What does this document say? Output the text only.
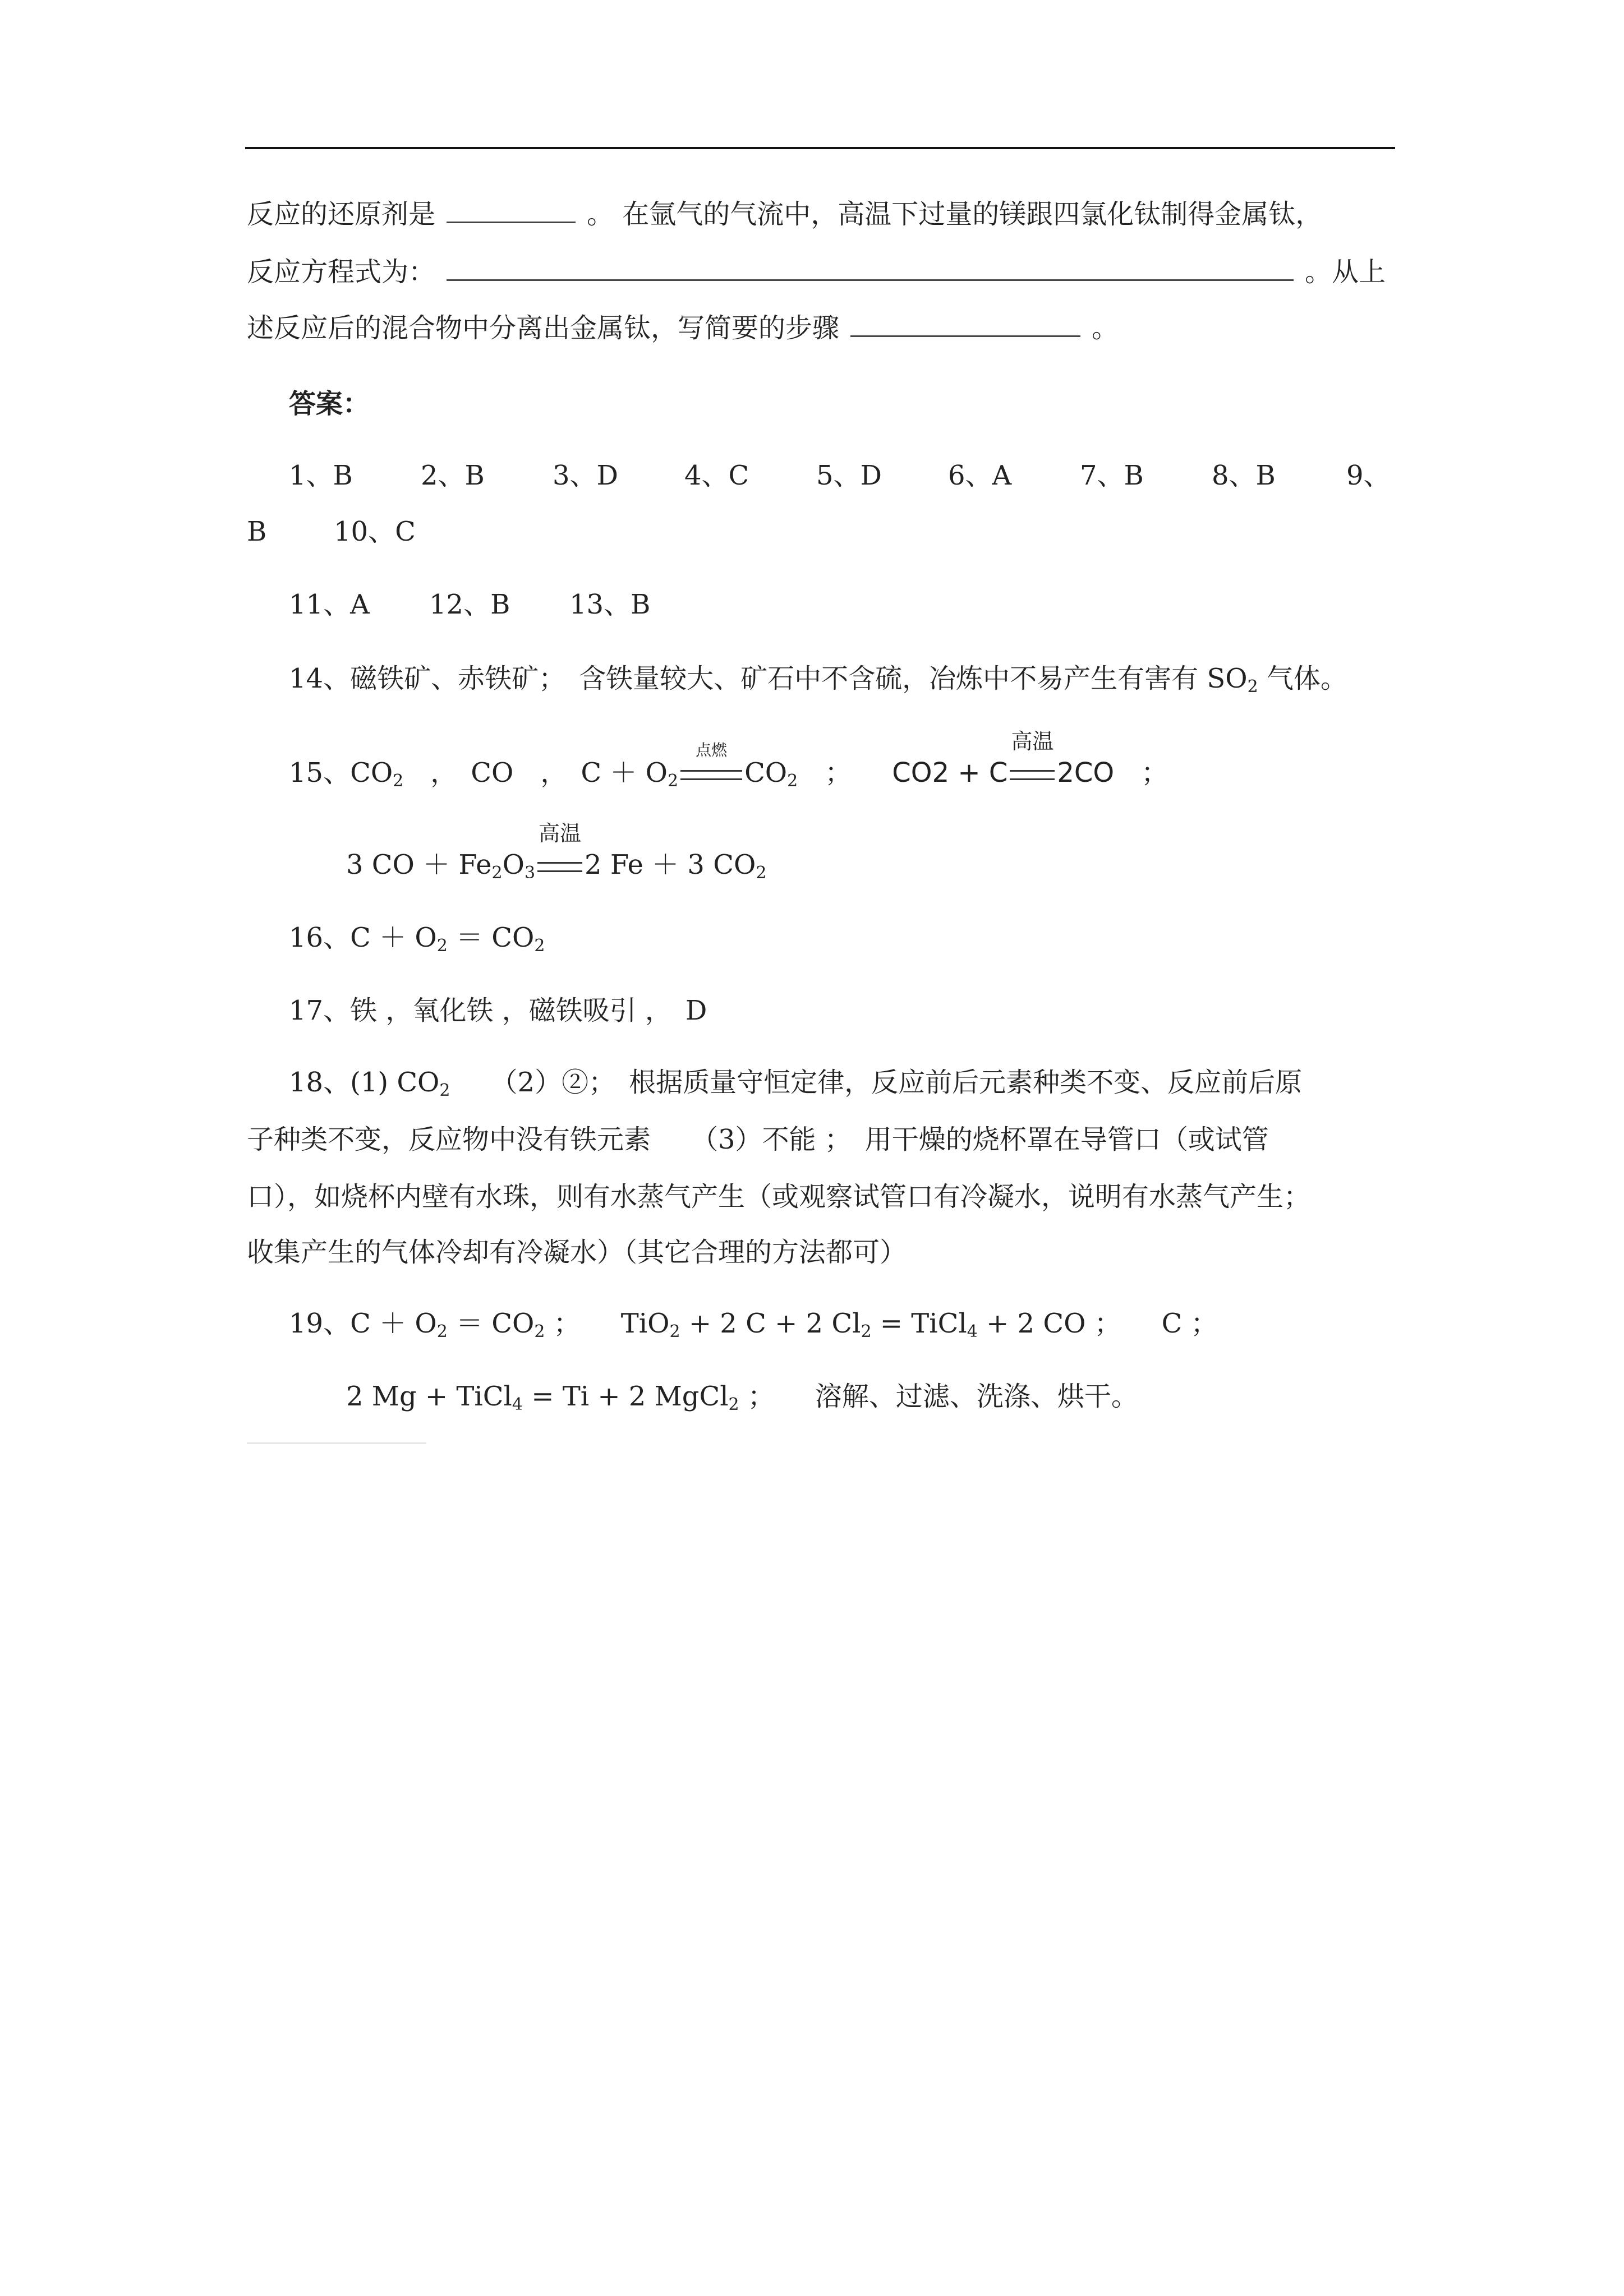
反应的还原剂是	。 在氩气的气流中，高温下过量的镁跟四氯化钛制得金属钛，
反应方程式为：	。从上
述反应后的混合物中分离出金属钛，写简要的步骤	。
答案：
1、B	2、B	3、D 4、C 5、D 6、A	7、B	8、B	9、
B 10、C
11、A 12、B 13、B
14、磁铁矿、赤铁矿；　含铁量较大、矿石中不含硫，冶炼中不易产生有害有 $SO_2$ 气体。
15、$CO_2$　，　CO　，　$C + O_2$
点燃
$CO_2$　；　　CO2 + C
高温
2CO　；
3 CO ＋ $Fe_2O_3$
高温
2 Fe ＋ 3 $CO_2$
16、$C + O_2 = CO_2$
17、铁 ，氧化铁 ，磁铁吸引 ，　D
18、(1) $CO_2$　　 （2）②；　根据质量守恒定律，反应前后元素种类不变、反应前后原
子种类不变，反应物中没有铁元素　　（3）不能 ；　用干燥的烧杯罩在导管口（或试管
口），如烧杯内壁有水珠，则有水蒸气产生（或观察试管口有冷凝水，说明有水蒸气产生；
收集产生的气体冷却有冷凝水）（其它合理的方法都可）
19、$C + O_2 = CO_2$ ；　　TiO$_2$ + 2 C + 2 $Cl_2$ = TiCl$_4$ + 2 CO ；　　C ；
2 Mg + TiCl$_4$ = Ti + 2 MgCl$_2$ ；　　溶解、过滤、洗涤、烘干。
